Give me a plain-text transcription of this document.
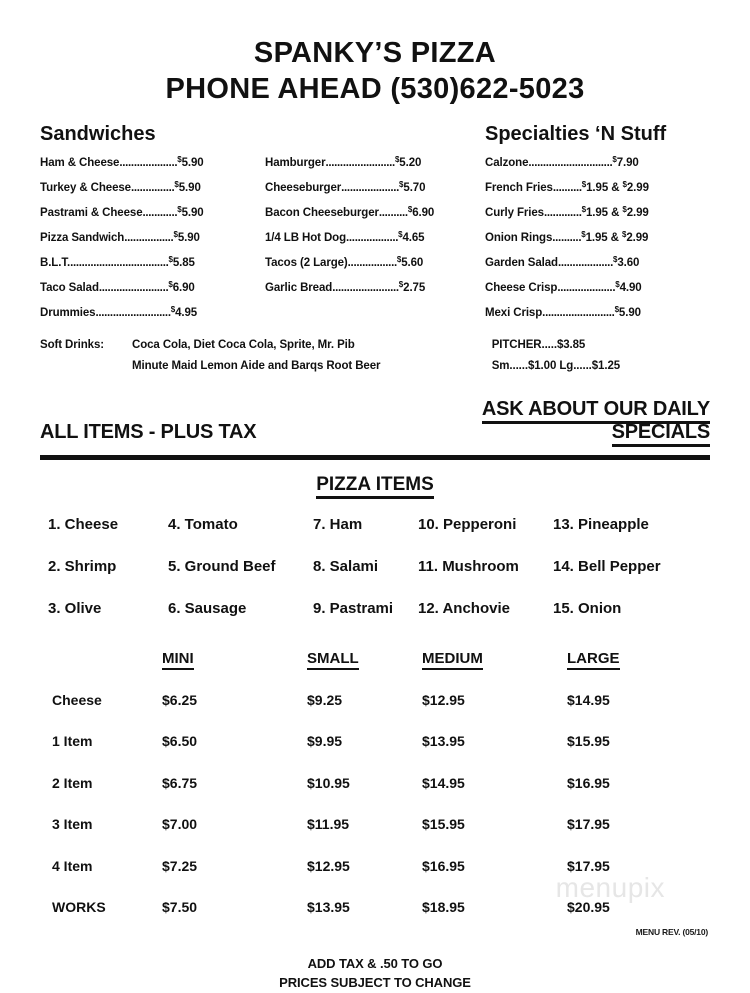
SPANKY’S PIZZA
PHONE AHEAD (530)622-5023
Sandwiches	Specialties ‘N Stuff
Ham & Cheese....................$5.90
Turkey & Cheese...............$5.90
Pastrami & Cheese............$5.90
Pizza Sandwich.................$5.90
B.L.T...................................$5.85
Taco Salad........................$6.90
Drummies..........................$4.95
Hamburger........................$5.20
Cheeseburger....................$5.70
Bacon Cheeseburger..........$6.90
1/4 LB Hot Dog..................$4.65
Tacos (2 Large).................$5.60
Garlic Bread.......................$2.75
Calzone.............................$7.90
French Fries..........$1.95 & $2.99
Curly Fries.............$1.95 & $2.99
Onion Rings..........$1.95 & $2.99
Garden Salad...................$3.60
Cheese Crisp....................$4.90
Mexi Crisp.........................$5.90
Soft Drinks:	Coca Cola, Diet Coca Cola, Sprite, Mr. Pib
Minute Maid Lemon Aide and Barqs Root Beer
PITCHER.....$3.85
Sm......$1.00 Lg......$1.25
ALL ITEMS - PLUS TAX
ASK ABOUT OUR DAILY SPECIALS
PIZZA ITEMS
1. Cheese	4. Tomato	7. Ham	10. Pepperoni	13. Pineapple
2. Shrimp	5. Ground Beef	8. Salami	11. Mushroom	14. Bell Pepper
3. Olive	6. Sausage	9. Pastrami	12. Anchovie	15. Onion
MINI	SMALL	MEDIUM	LARGE
Cheese	$6.25	$9.25	$12.95	$14.95
1 Item	$6.50	$9.95	$13.95	$15.95
2 Item	$6.75	$10.95	$14.95	$16.95
3 Item	$7.00	$11.95	$15.95	$17.95
4 Item	$7.25	$12.95	$16.95	$17.95
WORKS	$7.50	$13.95	$18.95	$20.95
ADD TAX & .50 TO GO
PRICES SUBJECT TO CHANGE
menupix
MENU REV. (05/10)
